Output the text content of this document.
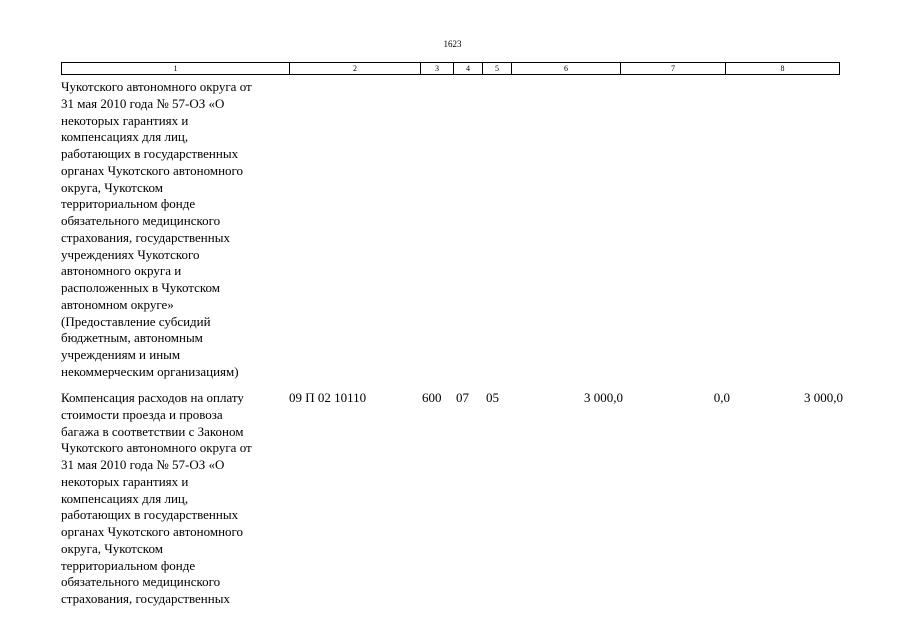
1623
1	2	3	4	5	6	7	8
Чукотского автономного округа от
31 мая 2010 года № 57-ОЗ «О
некоторых гарантиях и
компенсациях для лиц,
работающих в государственных
органах Чукотского автономного
округа, Чукотском
территориальном фонде
обязательного медицинского
страхования, государственных
учреждениях Чукотского
автономного округа и
расположенных в Чукотском
автономном округе»
(Предоставление субсидий
бюджетным, автономным
учреждениям и иным
некоммерческим организациям)
Компенсация расходов на оплату
стоимости проезда и провоза
багажа в соответствии с Законом
Чукотского автономного округа от
31 мая 2010 года № 57-ОЗ «О
некоторых гарантиях и
компенсациях для лиц,
работающих в государственных
органах Чукотского автономного
округа, Чукотском
территориальном фонде
обязательного медицинского
страхования, государственных
09 П 02 10110	600 07 05	3 000,0	0,0	3 000,0
